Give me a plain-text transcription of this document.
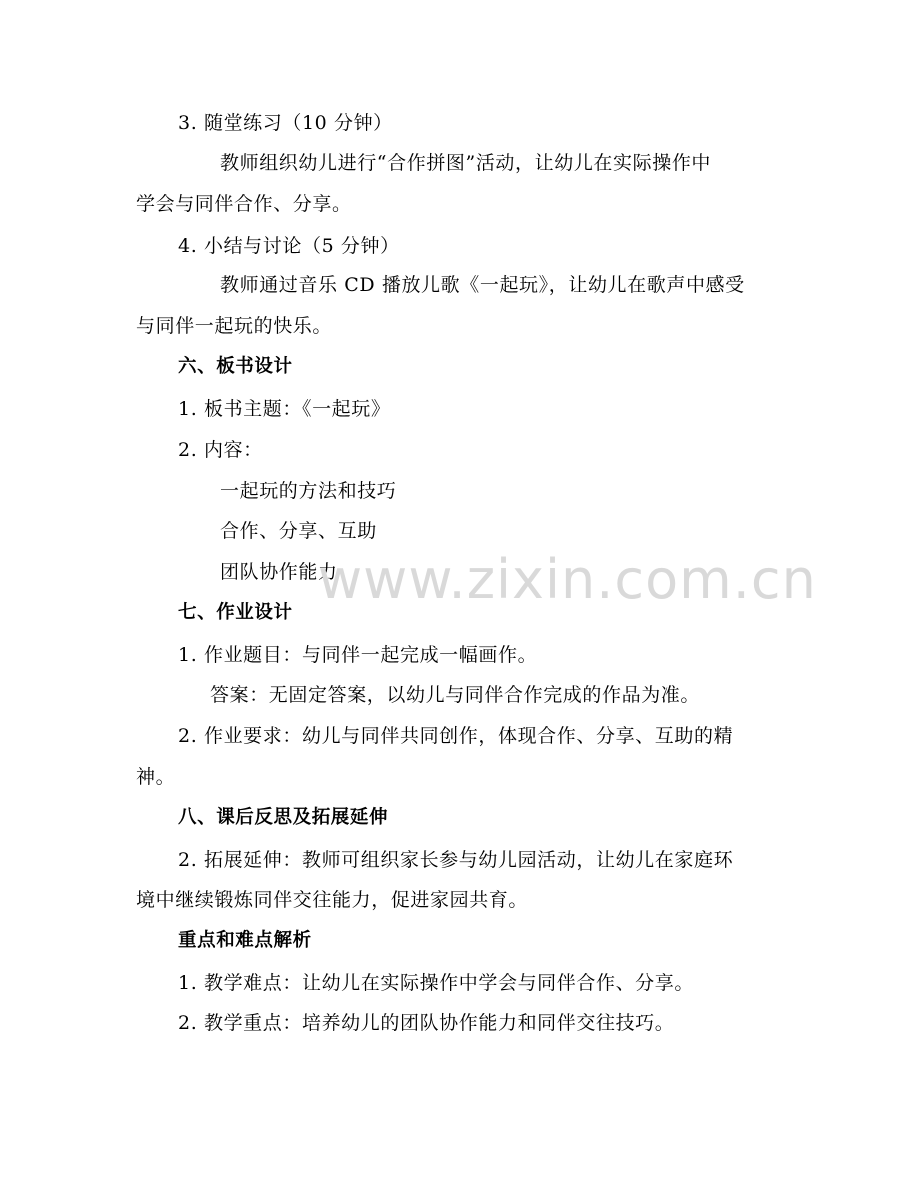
3. 随堂练习（10 分钟）
教师组织幼儿进行“合作拼图”活动，让幼儿在实际操作中
学会与同伴合作、分享。
4. 小结与讨论（5 分钟）
教师通过音乐 CD 播放儿歌《一起玩》，让幼儿在歌声中感受
与同伴一起玩的快乐。
六、板书设计
1. 板书主题：《一起玩》
2. 内容：
一起玩的方法和技巧
合作、分享、互助
团队协作能力
七、作业设计
1. 作业题目：与同伴一起完成一幅画作。
答案：无固定答案，以幼儿与同伴合作完成的作品为准。
2. 作业要求：幼儿与同伴共同创作，体现合作、分享、互助的精
神。
八、课后反思及拓展延伸
2. 拓展延伸：教师可组织家长参与幼儿园活动，让幼儿在家庭环
境中继续锻炼同伴交往能力，促进家园共育。
重点和难点解析
1. 教学难点：让幼儿在实际操作中学会与同伴合作、分享。
2. 教学重点：培养幼儿的团队协作能力和同伴交往技巧。
www.zixin.com.cn
